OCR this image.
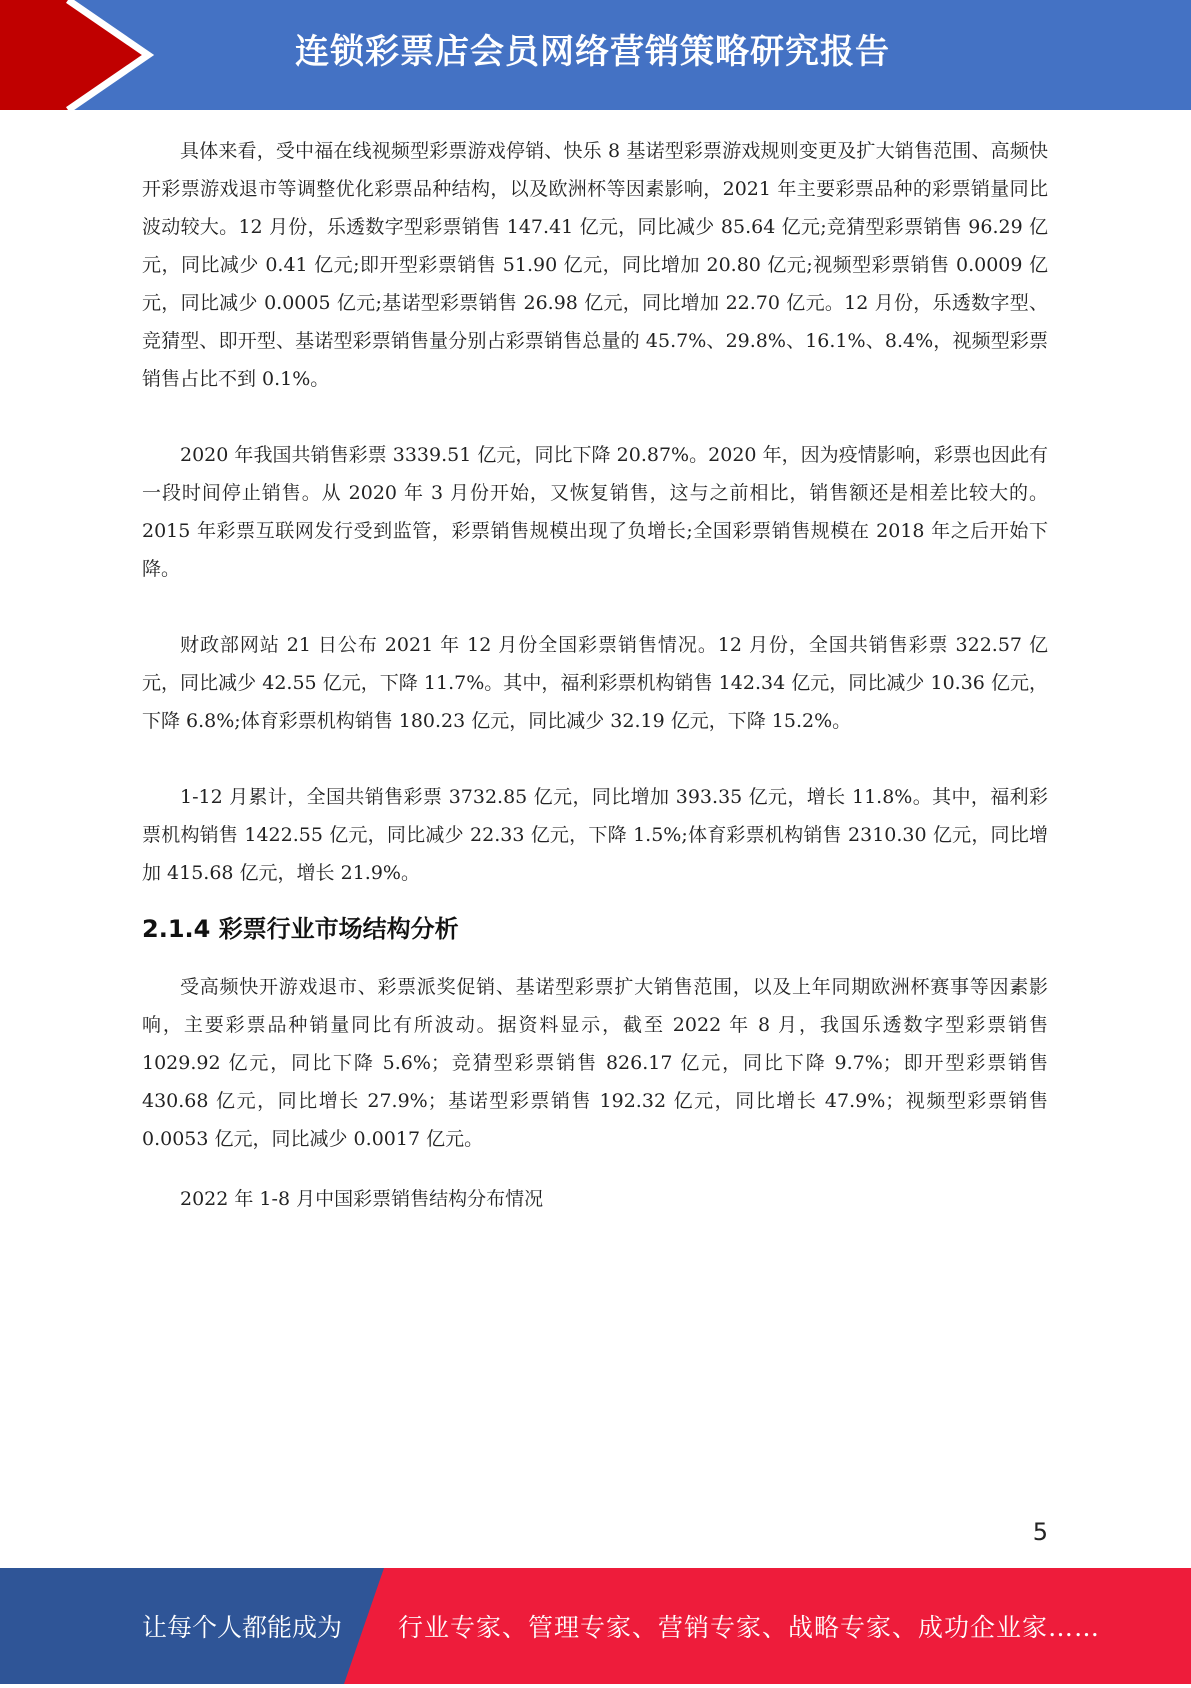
连锁彩票店会员网络营销策略研究报告

具体来看，受中福在线视频型彩票游戏停销、快乐 8 基诺型彩票游戏规则变更及扩大销售范围、高频快开彩票游戏退市等调整优化彩票品种结构，以及欧洲杯等因素影响，2021 年主要彩票品种的彩票销量同比波动较大。12 月份，乐透数字型彩票销售 147.41 亿元，同比减少 85.64 亿元;竞猜型彩票销售 96.29 亿元，同比减少 0.41 亿元;即开型彩票销售 51.90 亿元，同比增加 20.80 亿元;视频型彩票销售 0.0009 亿元，同比减少 0.0005 亿元;基诺型彩票销售 26.98 亿元，同比增加 22.70 亿元。12 月份，乐透数字型、竞猜型、即开型、基诺型彩票销售量分别占彩票销售总量的 45.7%、29.8%、16.1%、8.4%，视频型彩票销售占比不到 0.1%。

2020 年我国共销售彩票 3339.51 亿元，同比下降 20.87%。2020 年，因为疫情影响，彩票也因此有一段时间停止销售。从 2020 年 3 月份开始，又恢复销售，这与之前相比，销售额还是相差比较大的。2015 年彩票互联网发行受到监管，彩票销售规模出现了负增长;全国彩票销售规模在 2018 年之后开始下降。

财政部网站 21 日公布 2021 年 12 月份全国彩票销售情况。12 月份，全国共销售彩票 322.57 亿元，同比减少 42.55 亿元，下降 11.7%。其中，福利彩票机构销售 142.34 亿元，同比减少 10.36 亿元，下降 6.8%;体育彩票机构销售 180.23 亿元，同比减少 32.19 亿元，下降 15.2%。

1-12 月累计，全国共销售彩票 3732.85 亿元，同比增加 393.35 亿元，增长 11.8%。其中，福利彩票机构销售 1422.55 亿元，同比减少 22.33 亿元，下降 1.5%;体育彩票机构销售 2310.30 亿元，同比增加 415.68 亿元，增长 21.9%。

2.1.4 彩票行业市场结构分析

受高频快开游戏退市、彩票派奖促销、基诺型彩票扩大销售范围，以及上年同期欧洲杯赛事等因素影响，主要彩票品种销量同比有所波动。据资料显示，截至 2022 年 8 月，我国乐透数字型彩票销售 1029.92 亿元，同比下降 5.6%；竞猜型彩票销售 826.17 亿元，同比下降 9.7%；即开型彩票销售 430.68 亿元，同比增长 27.9%；基诺型彩票销售 192.32 亿元，同比增长 47.9%；视频型彩票销售 0.0053 亿元，同比减少 0.0017 亿元。

2022 年 1-8 月中国彩票销售结构分布情况

5
让每个人都能成为 行业专家、管理专家、营销专家、战略专家、成功企业家……
